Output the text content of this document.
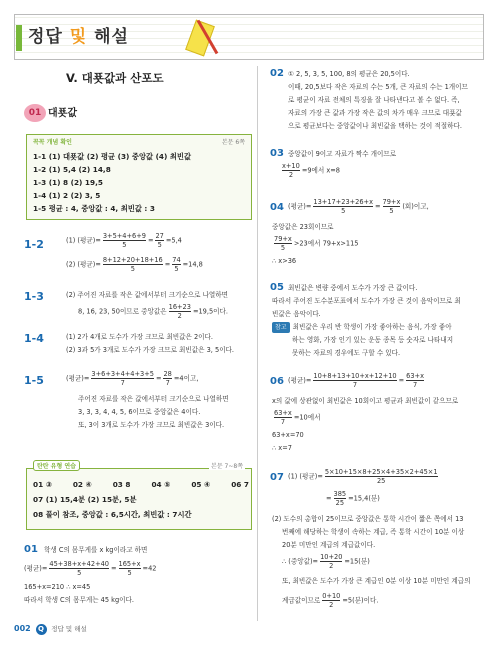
정답 및 해설
V. 대푯값과 산포도
01 대푯값
꼭꼭 개념 확인	본문 6쪽
1-1 (1) 대푯값 (2) 평균 (3) 중앙값 (4) 최빈값
1-2 (1) 5,4 (2) 14,8
1-3 (1) 8 (2) 19,5
1-4 (1) 2 (2) 3, 5
1-5 평균 : 4, 중앙값 : 4, 최빈값 : 3
1-2	(1) (평균)= $\frac{3+5+4+6+9}{5} = \frac{27}{5} =5,4$
(2) (평균)= $\frac{8+12+20+18+16}{5} = \frac{74}{5} =14,8$
1-3	(2) 주어진 자료를 작은 값에서부터 크기순으로 나열하면
8, 16, 23, 50이므로 중앙값은 $\frac{16+23}{2} =19,5$이다.
1-4	(1) 2가 4개로 도수가 가장 크므로 최빈값은 2이다.
(2) 3과 5가 3개로 도수가 가장 크므로 최빈값은 3, 5이다.
1-5	(평균)= $\frac{3+6+3+4+4+3+5}{7} = \frac{28}{7} =4$이고,
주어진 자료를 작은 값에서부터 크기순으로 나열하면
3, 3, 3, 4, 4, 5, 6이므로 중앙값은 4이다.
또, 3이 3개로 도수가 가장 크므로 최빈값은 3이다.
탄탄 유형 연습	본문 7~8쪽
01 ③	02 ④	03 8	04 ⑤	05 ④	06 7
07 (1) 15,4분 (2) 15분, 5분
08 풀이 참조, 중앙값 : 6,5시간, 최빈값 : 7시간
01 학생 C의 몸무게를 x kg이라고 하면
(평균)= $\frac{45+38+x+42+40}{5} = \frac{165+x}{5} =42$
165+x=210 ∴ x=45
따라서 학생 C의 몸무게는 45 kg이다.
02 ① 2, 5, 3, 5, 100, 8의 평균은 20,5이다.
이때, 20,5보다 작은 자료의 수는 5개, 큰 자료의 수는 1개이므
로 평균이 자료 전체의 특징을 잘 나타낸다고 볼 수 없다. 즉,
자료의 가장 큰 값과 가장 작은 값의 차가 매우 크므로 대푯값
으로 평균보다는 중앙값이나 최빈값을 택하는 것이 적절하다.
03 중앙값이 9이고 자료가 짝수 개이므로
$\frac{x+10}{2} =9$에서 x=8
04 (평균)= $\frac{13+17+23+26+x}{5} = \frac{79+x}{5}$ (회)이고,
중앙값은 23회이므로
$\frac{79+x}{5} >23$에서 79+x>115
∴ x>36
05 최빈값은 변량 중에서 도수가 가장 큰 값이다.
따라서 주어진 도수분포표에서 도수가 가장 큰 것이 음악이므로 최
빈값은 음악이다.
참고 최빈값은 우리 반 학생이 가장 좋아하는 음식, 가장 좋아
하는 영화, 가장 인기 있는 운동 종목 등 숫자로 나타내지
못하는 자료의 경우에도 구할 수 있다.
06 (평균)= $\frac{10+8+13+10+x+12+10}{7} = \frac{63+x}{7}$
x의 값에 상관없이 최빈값은 10회이고 평균과 최빈값이 같으므로
$\frac{63+x}{7} =10$에서
63+x=70
∴ x=7
07 (1) (평균)= $\frac{5\times 10+15\times 8+25\times 4+35\times 2+45\times 1}{25}$
= $\frac{385}{25} =15,4$(분)
(2) 도수의 총합이 25이므로 중앙값은 통학 시간이 짧은 쪽에서 13
번째에 해당하는 학생이 속하는 계급, 즉 통학 시간이 10분 이상
20분 미만인 계급의 계급값이다.
∴ (중앙값)= $\frac{10+20}{2} =15$(분)
또, 최빈값은 도수가 가장 큰 계급인 0분 이상 10분 미만인 계급의
계급값이므로 $\frac{0+10}{2} =5$(분)이다.
002 Q 정답 및 해설
